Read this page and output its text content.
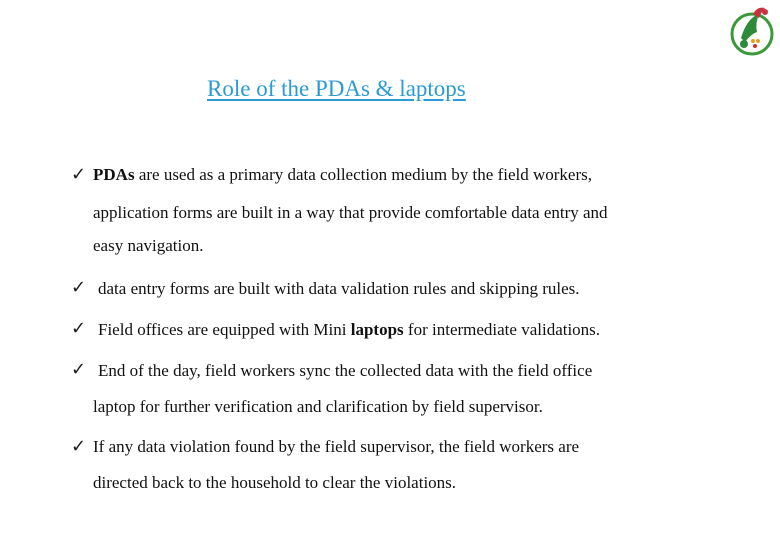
Role of the PDAs & laptops
✓ PDAs are used as a primary data collection medium by the field workers,
application forms are built in a way that provide comfortable data entry and
easy navigation.
✓ data entry forms are built with data validation rules and skipping rules.
✓ Field offices are equipped with Mini laptops for intermediate validations.
✓ End of the day, field workers sync the collected data with the field office
laptop for further verification and clarification by field supervisor.
✓ If any data violation found by the field supervisor, the field workers are
directed back to the household to clear the violations.
